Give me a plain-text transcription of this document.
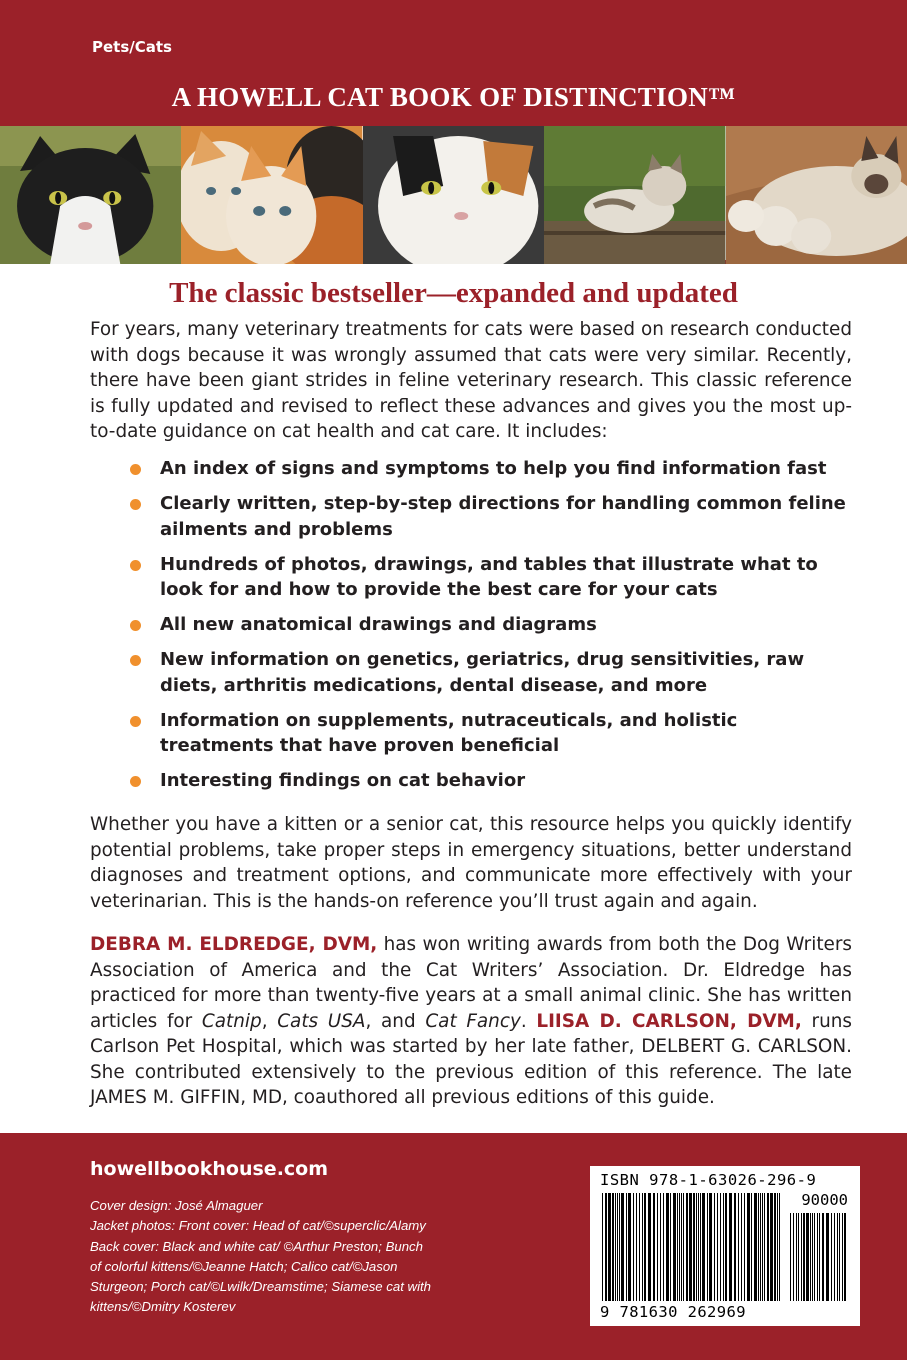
Pets/Cats
A HOWELL CAT BOOK OF DISTINCTION™
The classic bestseller—expanded and updated

For years, many veterinary treatments for cats were based on research conducted with dogs because it was wrongly assumed that cats were very similar. Recently, there have been giant strides in feline veterinary research. This classic reference is fully updated and revised to reflect these advances and gives you the most up-to-date guidance on cat health and cat care. It includes:

An index of signs and symptoms to help you find information fast
Clearly written, step-by-step directions for handling common feline ailments and problems
Hundreds of photos, drawings, and tables that illustrate what to look for and how to provide the best care for your cats
All new anatomical drawings and diagrams
New information on genetics, geriatrics, drug sensitivities, raw diets, arthritis medications, dental disease, and more
Information on supplements, nutraceuticals, and holistic treatments that have proven beneficial
Interesting findings on cat behavior

Whether you have a kitten or a senior cat, this resource helps you quickly identify potential problems, take proper steps in emergency situations, better understand diagnoses and treatment options, and communicate more effectively with your veterinarian. This is the hands-on reference you’ll trust again and again.

DEBRA M. ELDREDGE, DVM, has won writing awards from both the Dog Writers Association of America and the Cat Writers’ Association. Dr. Eldredge has practiced for more than twenty-five years at a small animal clinic. She has written articles for Catnip, Cats USA, and Cat Fancy. LIISA D. CARLSON, DVM, runs Carlson Pet Hospital, which was started by her late father, DELBERT G. CARLSON. She contributed extensively to the previous edition of this reference. The late JAMES M. GIFFIN, MD, coauthored all previous editions of this guide.

howellbookhouse.com
Cover design: José Almaguer
Jacket photos: Front cover: Head of cat/©superclic/Alamy
Back cover: Black and white cat/ ©Arthur Preston; Bunch
of colorful kittens/©Jeanne Hatch; Calico cat/©Jason
Sturgeon; Porch cat/©Lwilk/Dreamstime; Siamese cat with
kittens/©Dmitry Kosterev
ISBN 978-1-63026-296-9
90000
9 781630 262969
